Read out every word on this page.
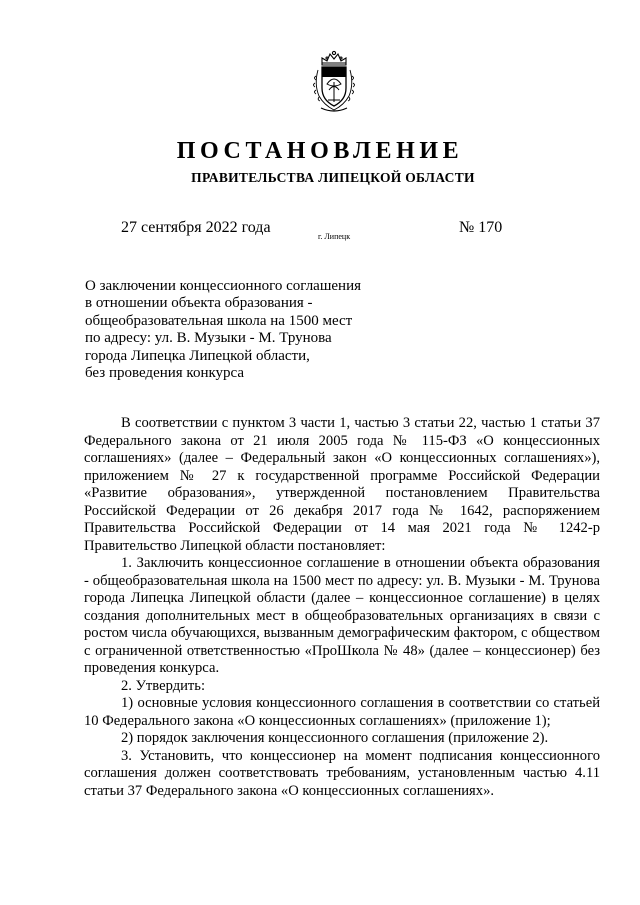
ПОСТАНОВЛЕНИЕ
ПРАВИТЕЛЬСТВА ЛИПЕЦКОЙ ОБЛАСТИ
27 сентября 2022 года
г. Липецк
№ 170
О заключении концессионного соглашения
в отношении объекта образования -
общеобразовательная школа на 1500 мест
по адресу: ул. В. Музыки - М. Трунова
города Липецка Липецкой области,
без проведения конкурса

В соответствии с пунктом 3 части 1, частью 3 статьи 22, частью 1 статьи 37 Федерального закона от 21 июля 2005 года № 115-ФЗ «О концессионных соглашениях» (далее – Федеральный закон «О концессионных соглашениях»), приложением № 27 к государственной программе Российской Федерации «Развитие образования», утвержденной постановлением Правительства Российской Федерации от 26 декабря 2017 года № 1642, распоряжением Правительства Российской Федерации от 14 мая 2021 года № 1242-р Правительство Липецкой области постановляет:

1. Заключить концессионное соглашение в отношении объекта образования - общеобразовательная школа на 1500 мест по адресу: ул. В. Музыки - М. Трунова города Липецка Липецкой области (далее – концессионное соглашение) в целях создания дополнительных мест в общеобразовательных организациях в связи с ростом числа обучающихся, вызванным демографическим фактором, с обществом с ограниченной ответственностью «ПроШкола № 48» (далее – концессионер) без проведения конкурса.

2. Утвердить:

1) основные условия концессионного соглашения в соответствии со статьей 10 Федерального закона «О концессионных соглашениях» (приложение 1);

2) порядок заключения концессионного соглашения (приложение 2).

3. Установить, что концессионер на момент подписания концессионного соглашения должен соответствовать требованиям, установленным частью 4.11 статьи 37 Федерального закона «О концессионных соглашениях».
